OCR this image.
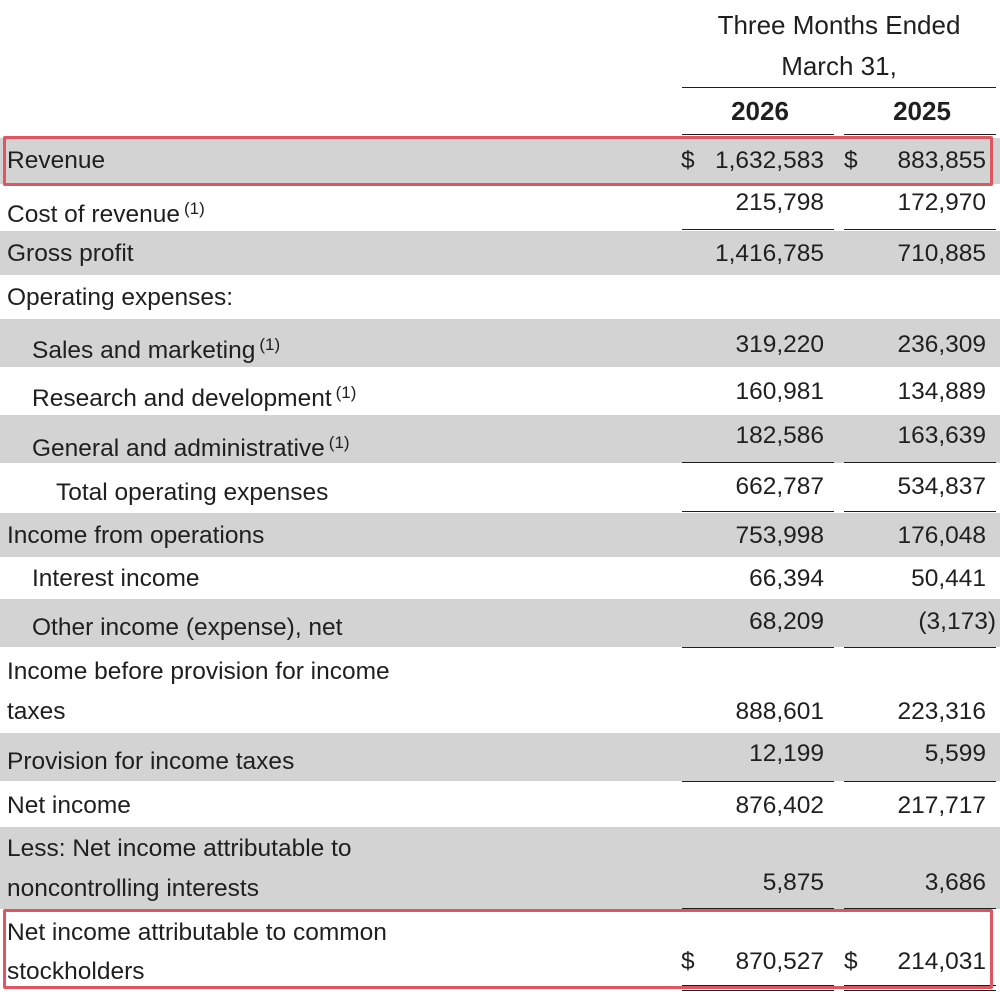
Three Months Ended
March 31,
2026	2025
Revenue	$ 1,632,583 $ 883,855
Cost of revenue $^{(1)}$	215,798	172,970
Gross profit	1,416,785	710,885
Operating expenses:
Sales and marketing $^{(1)}$	319,220	236,309
Research and development $^{(1)}$	160,981	134,889
General and administrative $^{(1)}$	182,586	163,639
Total operating expenses	662,787	534,837
Income from operations	753,998	176,048
Interest income	66,394	50,441
Other income (expense), net	68,209	(3,173)
Income before provision for income
taxes	888,601	223,316
Provision for income taxes	12,199	5,599
Net income	876,402	217,717
Less: Net income attributable to
noncontrolling interests	5,875	3,686
Net income attributable to common
stockholders	$ 870,527 $ 214,031
